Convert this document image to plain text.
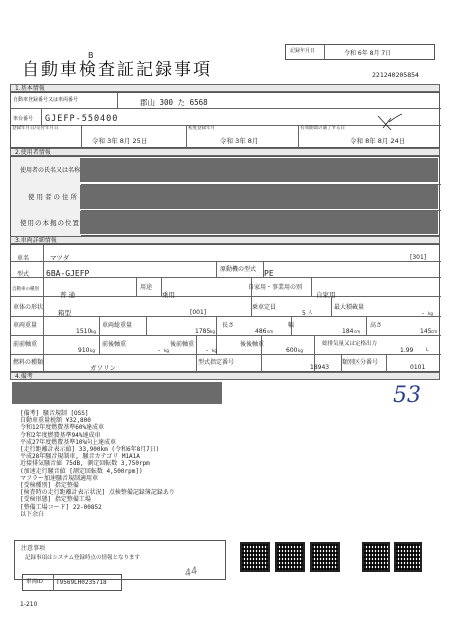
B
自動車検査証記録事項
記録年月日	令和 6年 8月 7日
221240205854
1.基本情報
自動車登録番号又は車両番号	郡山 300 た 6568
車台番号 GJEFP-550400
登録年月日/交付年月日
令和 3年 8月 25日
初度登録年月
令和 3年 8月
有効期間の満了する日
令和 8年 8月 24日
2.使用者情報
使用者の氏名又は名称
使用者の住所
使用の本拠の位置
3.車両詳細情報
車名	マツダ	[301]
型式 6BA-GJEFP	原動機の型式 PE
自動車の種別
普 通
用途
乗用
自家用・事業用の別
自家用
車体の形状
箱型	[001]
乗車定員
5 人
最大積載量
- kg
車両重量
1510 kg
車両総重量
1785 kg
長さ
486 cm
幅
184 cm
高さ
145 cm
前前軸重
910 kg
前後軸重
- kg
後前軸重
- kg
後後軸重
600 kg
総排気量又は定格出力
1.99	L
燃料の種類
ガソリン
型式指定番号
18943
類別区分番号
0101
4.備考
[備考] 騒音規制 [OSS]
自動車重量税額 ¥32,800
令和12年度燃費基準60%達成車
令和2年度燃費基準94%達成車
平成27年度燃費基準10%向上達成車
[走行距離計表示値] 33,900km (令和6年8月7日)
平成28年騒音規制車, 騒音カテゴリ M1A1A
近接排気騒音値 75dB, 測定回転数 3,750rpm
(加速走行騒音値 [測定回転数 4,500rpm])
マフラー加速騒音規制適用車
[受検種別] 指定整備
[検査時の走行距離計表示状況] 点検整備記録簿記録あり
[受検形態] 指定整備工場
[整備工場コード] 22-00852
以下余白
53
注意事項
記録事項はシステム登録時点の情報となります
車両ID T9569LH0235718
1-210
44
